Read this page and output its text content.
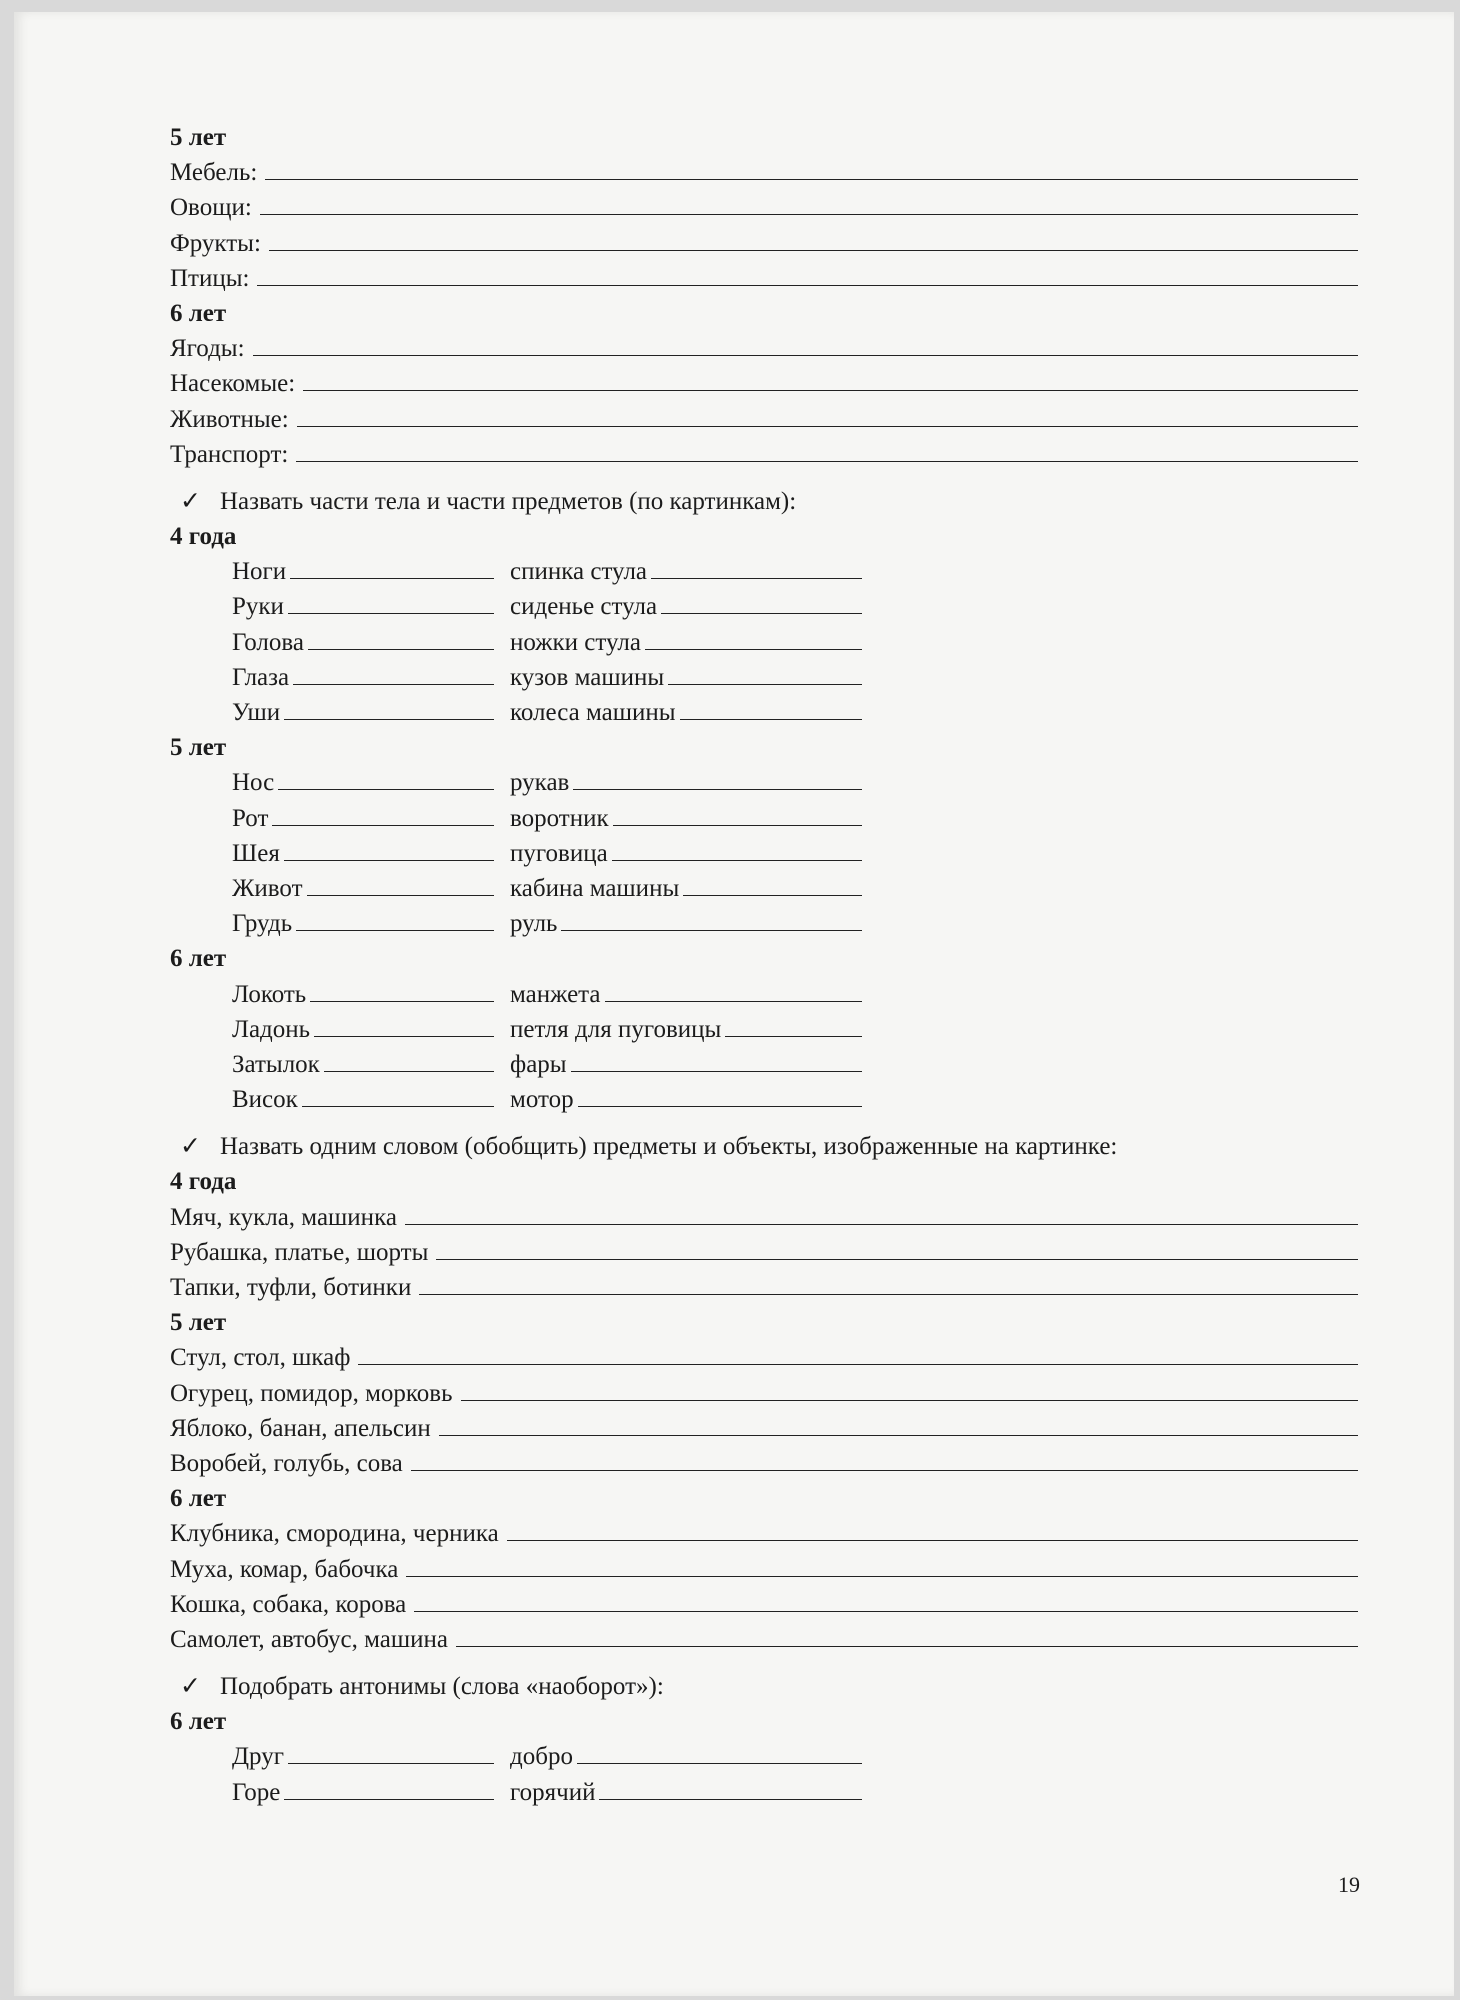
5 лет
Мебель:
Овощи:
Фрукты:
Птицы:
6 лет
Ягоды:
Насекомые:
Животные:
Транспорт:
✓ Назвать части тела и части предметов (по картинкам):
4 года
Ноги	спинка стула
Руки	сиденье стула
Голова	ножки стула
Глаза	кузов машины
Уши	колеса машины
5 лет
Нос	рукав
Рот	воротник
Шея	пуговица
Живот	кабина машины
Грудь	руль
6 лет
Локоть	манжета
Ладонь	петля для пуговицы
Затылок	фары
Висок	мотор
✓ Назвать одним словом (обобщить) предметы и объекты, изображенные на картинке:
4 года
Мяч, кукла, машинка
Рубашка, платье, шорты
Тапки, туфли, ботинки
5 лет
Стул, стол, шкаф
Огурец, помидор, морковь
Яблоко, банан, апельсин
Воробей, голубь, сова
6 лет
Клубника, смородина, черника
Муха, комар, бабочка
Кошка, собака, корова
Самолет, автобус, машина
✓ Подобрать антонимы (слова «наоборот»):
6 лет
Друг	добро
Горе	горячий
19
